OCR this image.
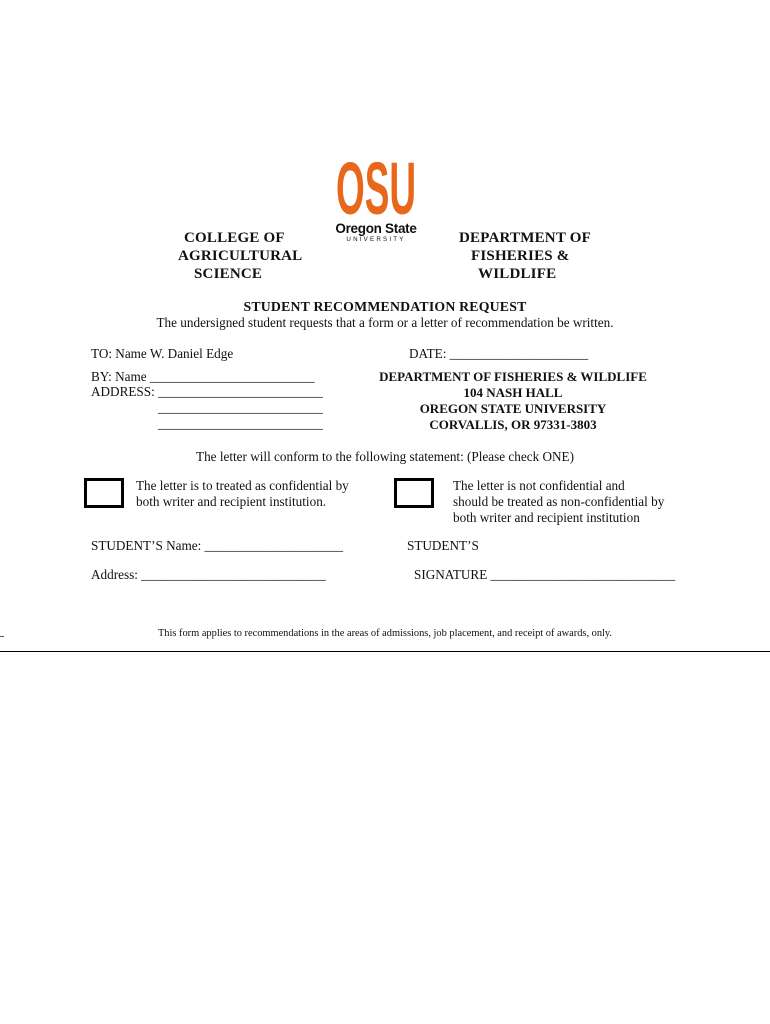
OSU
Oregon State
UNIVERSITY
COLLEGE OF
AGRICULTURAL
SCIENCE
DEPARTMENT OF
FISHERIES &
WILDLIFE
STUDENT RECOMMENDATION REQUEST
The undersigned student requests that a form or a letter of recommendation be written.
TO: Name W. Daniel Edge	DATE: _____________________
BY: Name _________________________
ADDRESS: _________________________
_________________________
_________________________
DEPARTMENT OF FISHERIES & WILDLIFE
104 NASH HALL
OREGON STATE UNIVERSITY
CORVALLIS, OR 97331-3803
The letter will conform to the following statement: (Please check ONE)
The letter is to treated as confidential by
both writer and recipient institution.
The letter is not confidential and
should be treated as non-confidential by
both writer and recipient institution
STUDENT’S Name: _____________________	STUDENT’S
Address: ____________________________	SIGNATURE ____________________________
This form applies to recommendations in the areas of admissions, job placement, and receipt of awards, only.
